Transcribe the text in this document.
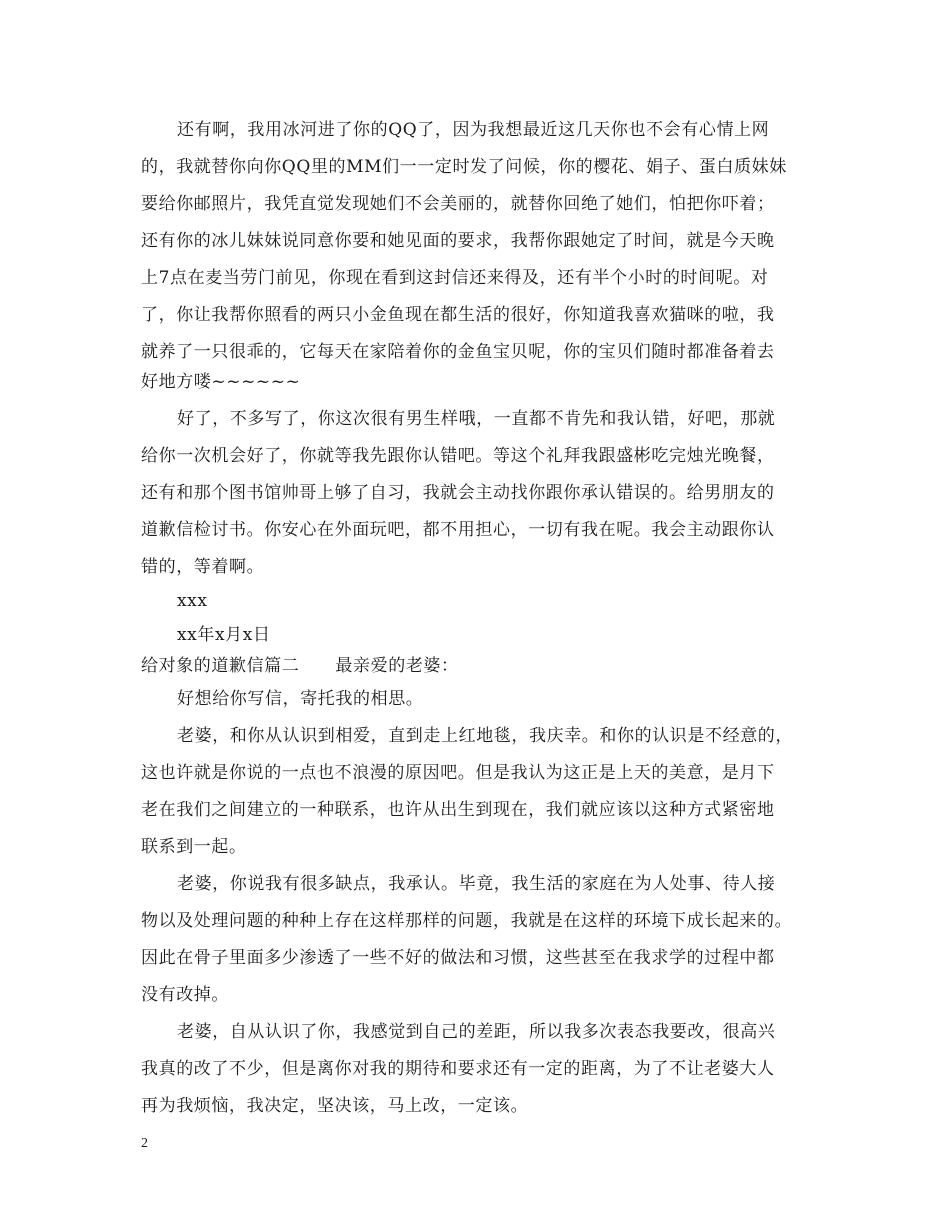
还有啊，我用冰河进了你的QQ了，因为我想最近这几天你也不会有心情上网
的，我就替你向你QQ里的MM们一一定时发了问候，你的樱花、娟子、蛋白质妹妹
要给你邮照片，我凭直觉发现她们不会美丽的，就替你回绝了她们，怕把你吓着；
还有你的冰儿妹妹说同意你要和她见面的要求，我帮你跟她定了时间，就是今天晚
上7点在麦当劳门前见，你现在看到这封信还来得及，还有半个小时的时间呢。对
了，你让我帮你照看的两只小金鱼现在都生活的很好，你知道我喜欢猫咪的啦，我
就养了一只很乖的，它每天在家陪着你的金鱼宝贝呢，你的宝贝们随时都准备着去
好地方喽~~~~~~
好了，不多写了，你这次很有男生样哦，一直都不肯先和我认错，好吧，那就
给你一次机会好了，你就等我先跟你认错吧。等这个礼拜我跟盛彬吃完烛光晚餐，
还有和那个图书馆帅哥上够了自习，我就会主动找你跟你承认错误的。给男朋友的
道歉信检讨书。你安心在外面玩吧，都不用担心，一切有我在呢。我会主动跟你认
错的，等着啊。
xxx
xx年x月x日
给对象的道歉信篇二 最亲爱的老婆：
好想给你写信，寄托我的相思。
老婆，和你从认识到相爱，直到走上红地毯，我庆幸。和你的认识是不经意的，
这也许就是你说的一点也不浪漫的原因吧。但是我认为这正是上天的美意，是月下
老在我们之间建立的一种联系，也许从出生到现在，我们就应该以这种方式紧密地
联系到一起。
老婆，你说我有很多缺点，我承认。毕竟，我生活的家庭在为人处事、待人接
物以及处理问题的种种上存在这样那样的问题，我就是在这样的环境下成长起来的。
因此在骨子里面多少渗透了一些不好的做法和习惯，这些甚至在我求学的过程中都
没有改掉。
老婆，自从认识了你，我感觉到自己的差距，所以我多次表态我要改，很高兴
我真的改了不少，但是离你对我的期待和要求还有一定的距离，为了不让老婆大人
再为我烦恼，我决定，坚决该，马上改，一定该。
2
